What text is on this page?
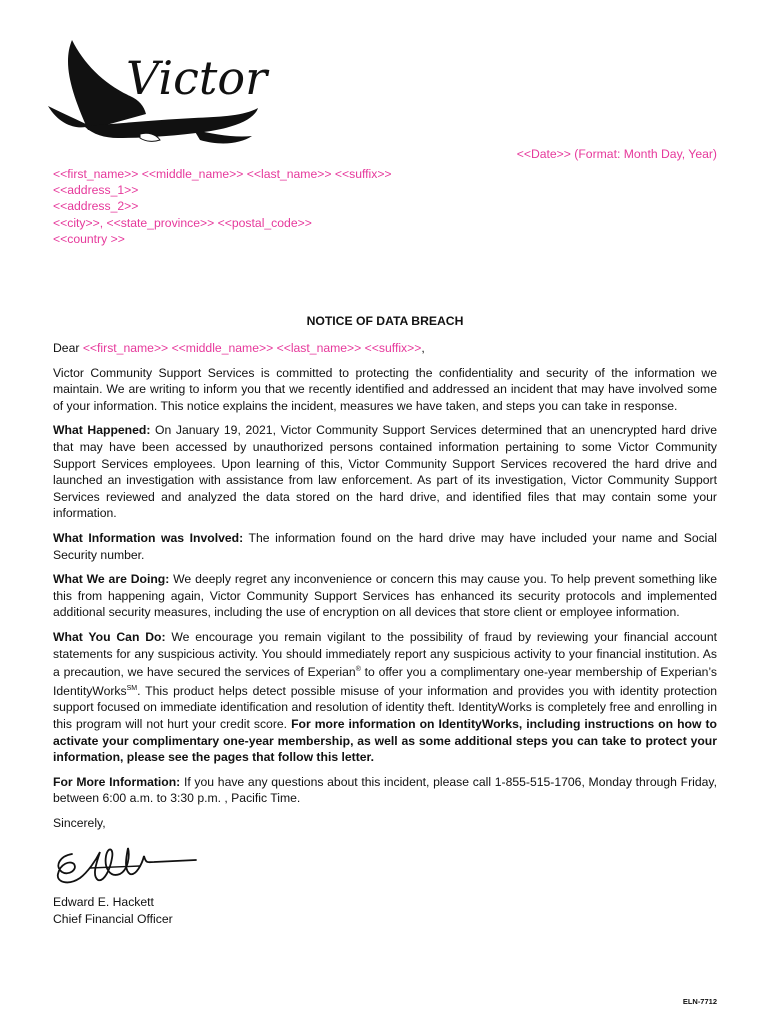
Victor
<<Date>> (Format: Month Day, Year)
<<first_name>> <<middle_name>> <<last_name>> <<suffix>>
<<address_1>>
<<address_2>>
<<city>>, <<state_province>> <<postal_code>>
<<country >>
NOTICE OF DATA BREACH

Dear <<first_name>> <<middle_name>> <<last_name>> <<suffix>>,

Victor Community Support Services is committed to protecting the confidentiality and security of the information we maintain. We are writing to inform you that we recently identified and addressed an incident that may have involved some of your information. This notice explains the incident, measures we have taken, and steps you can take in response.

What Happened: On January 19, 2021, Victor Community Support Services determined that an unencrypted hard drive that may have been accessed by unauthorized persons contained information pertaining to some Victor Community Support Services employees. Upon learning of this, Victor Community Support Services recovered the hard drive and launched an investigation with assistance from law enforcement. As part of its investigation, Victor Community Support Services reviewed and analyzed the data stored on the hard drive, and identified files that may contain some your information.

What Information was Involved: The information found on the hard drive may have included your name and Social Security number.

What We are Doing: We deeply regret any inconvenience or concern this may cause you. To help prevent something like this from happening again, Victor Community Support Services has enhanced its security protocols and implemented additional security measures, including the use of encryption on all devices that store client or employee information.

What You Can Do: We encourage you remain vigilant to the possibility of fraud by reviewing your financial account statements for any suspicious activity. You should immediately report any suspicious activity to your financial institution. As a precaution, we have secured the services of Experian® to offer you a complimentary one-year membership of Experian’s IdentityWorks℠. This product helps detect possible misuse of your information and provides you with identity protection support focused on immediate identification and resolution of identity theft. IdentityWorks is completely free and enrolling in this program will not hurt your credit score. For more information on IdentityWorks, including instructions on how to activate your complimentary one-year membership, as well as some additional steps you can take to protect your information, please see the pages that follow this letter.

For More Information: If you have any questions about this incident, please call 1-855-515-1706, Monday through Friday, between 6:00 a.m. to 3:30 p.m. , Pacific Time.

Sincerely,

Edward E. Hackett
Chief Financial Officer
ELN-7712
